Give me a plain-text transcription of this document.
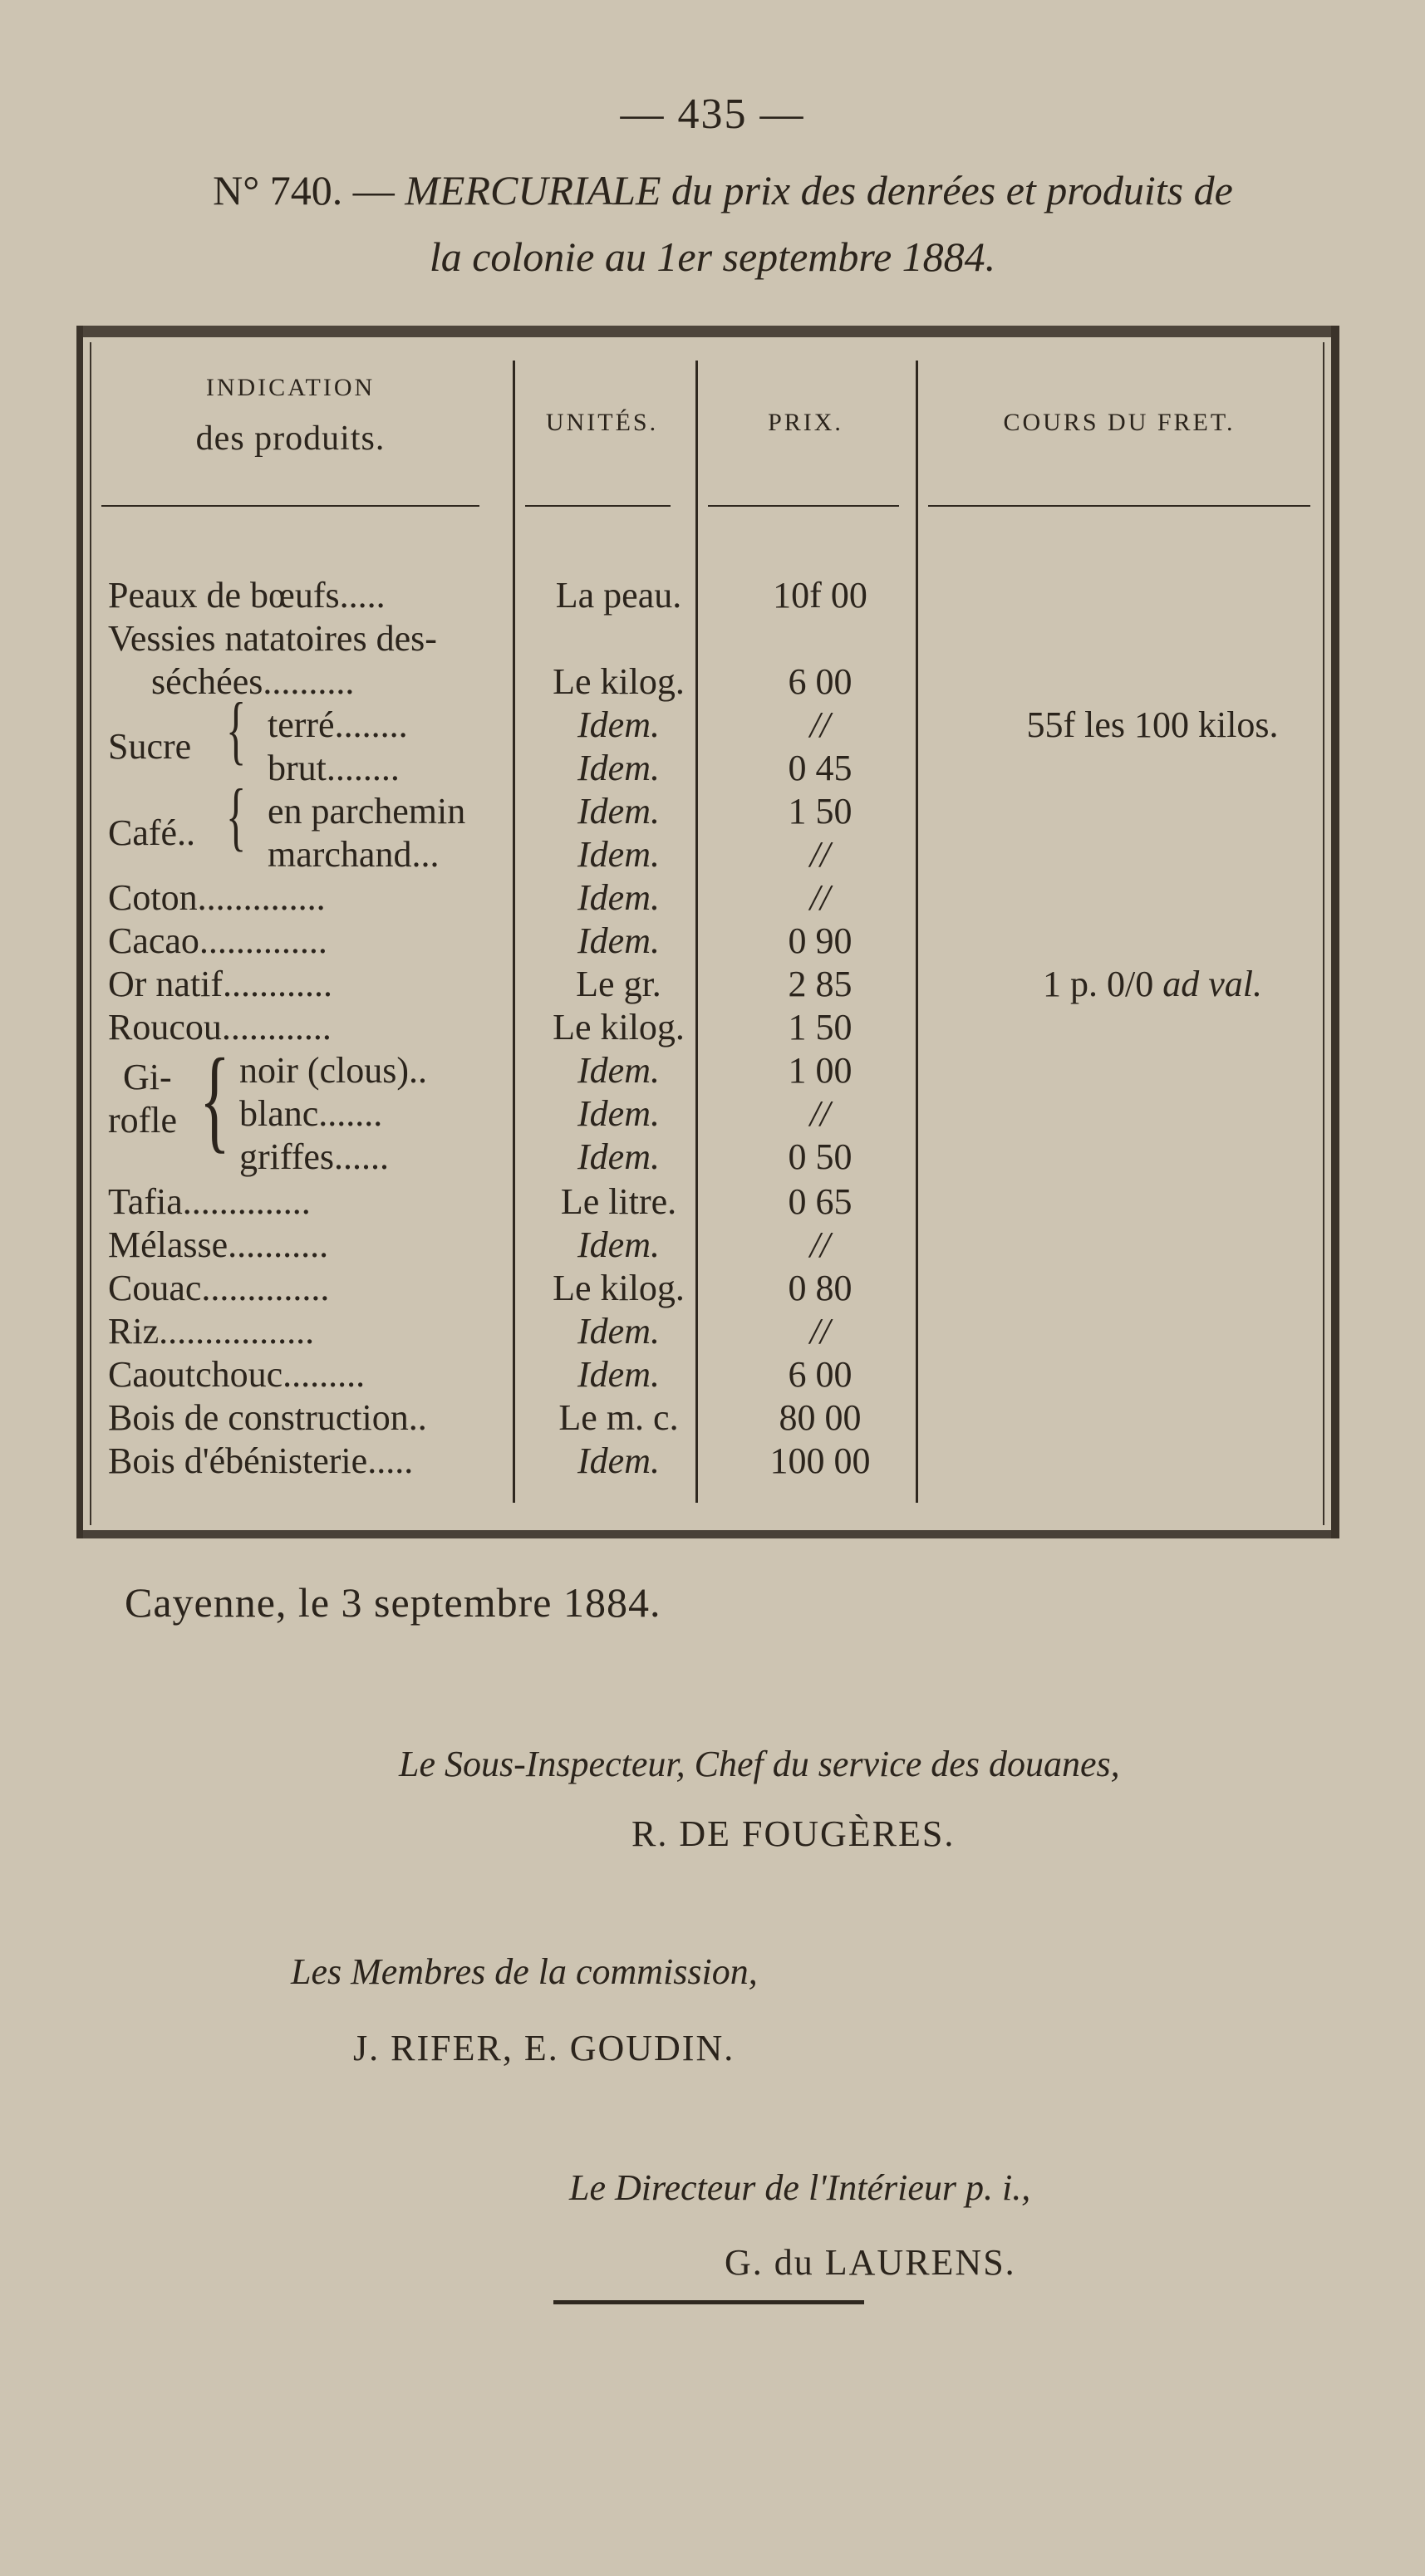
— 435 —
N° 740. — MERCURIALE du prix des denrées et produits de
la colonie au 1er septembre 1884.
INDICATION
des produits.	UNITÉS.	PRIX.	COURS DU FRET.
Peaux de bœufs.....	La peau.	10f 00
Vessies natatoires des-
séchées..........	Le kilog.	6 00
Sucre { terré........	Idem.	//	55f les 100 kilos.
brut........	Idem.	0 45
Café.. { en parchemin	Idem.	1 50
marchand...	Idem.	//
Coton..............	Idem.	//
Cacao..............	Idem.	0 90
Or natif............	Le gr.	2 85	1 p. 0/0 ad val.
Roucou............	Le kilog.	1 50
Gi-
rofle { noir (clous)..	Idem.	1 00
blanc.......	Idem.	//
griffes......	Idem.	0 50
Tafia..............	Le litre.	0 65
Mélasse...........	Idem.	//
Couac..............	Le kilog.	0 80
Riz.................	Idem.	//
Caoutchouc.........	Idem.	6 00
Bois de construction..	Le m. c.	80 00
Bois d'ébénisterie.....	Idem.	100 00
Cayenne, le 3 septembre 1884.
Le Sous-Inspecteur, Chef du service des douanes,
R. DE FOUGÈRES.
Les Membres de la commission,
J. RIFER, E. GOUDIN.
Le Directeur de l'Intérieur p. i.,
G. du LAURENS.
